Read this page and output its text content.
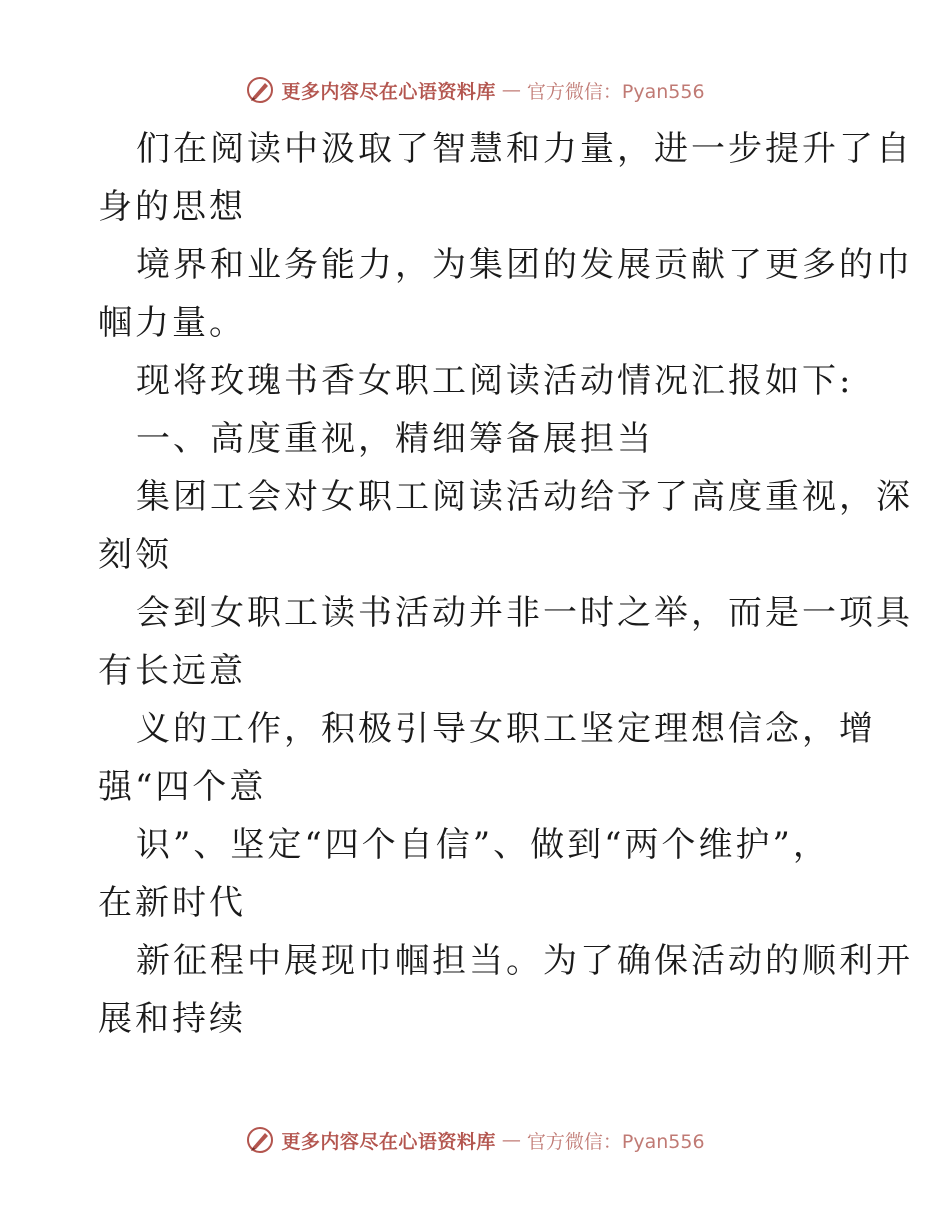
更多内容尽在心语资料库 — 官方微信：Pyan556
们在阅读中汲取了智慧和力量，进一步提升了自
身的思想
境界和业务能力，为集团的发展贡献了更多的巾
帼力量。
现将玫瑰书香女职工阅读活动情况汇报如下:
一、高度重视，精细筹备展担当
集团工会对女职工阅读活动给予了高度重视，深
刻领
会到女职工读书活动并非一时之举，而是一项具
有长远意
义的工作，积极引导女职工坚定理想信念，增
强“四个意
识”、坚定“四个自信”、做到“两个维护”，
在新时代
新征程中展现巾帼担当。为了确保活动的顺利开
展和持续
更多内容尽在心语资料库 — 官方微信：Pyan556
